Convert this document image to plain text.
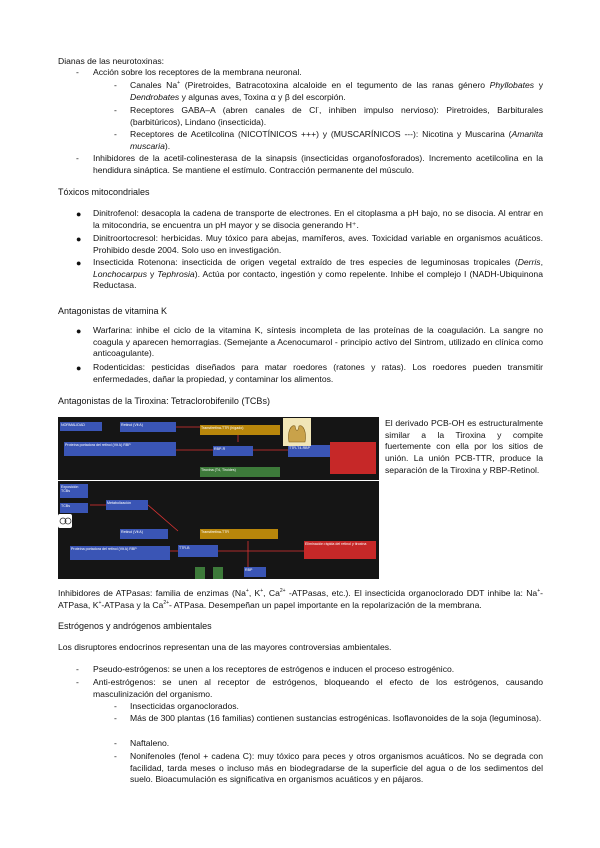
Dianas de las neurotoxinas:
-	Acción sobre los receptores de la membrana neuronal.
-	Canales Na+ (Piretroides, Batracotoxina alcaloide en el tegumento de las ranas género Phyllobates y Dendrobates y algunas aves, Toxina α y β del escorpión.
-	Receptores GABA–A (abren canales de Cl-, inhiben impulso nervioso): Piretroides, Barbiturales (barbitúricos), Lindano (insecticida).
-	Receptores de Acetilcolina (NICOTÍNICOS +++) y (MUSCARÍNICOS ---): Nicotina y Muscarina (Amanita muscaria).
-	Inhibidores de la acetil-colinesterasa de la sinapsis (insecticidas organofosforados). Incremento acetilcolina en la hendidura sináptica. Se mantiene el estímulo. Contracción permanente del músculo.
Tóxicos mitocondriales
● Dinitrofenol: desacopla la cadena de transporte de electrones. En el citoplasma a pH bajo, no se disocia. Al entrar en la mitocondria, se encuentra un pH mayor y se disocia generando H⁺.
● Dinitroortocresol: herbicidas. Muy tóxico para abejas, mamíferos, aves. Toxicidad variable en organismos acuáticos. Prohibido desde 2004. Solo uso en investigación.
● Insecticida Rotenona: insecticida de origen vegetal extraído de tres especies de leguminosas tropicales (Derris, Lonchocarpus y Tephrosia). Actúa por contacto, ingestión y como repelente. Inhibe el complejo I (NADH-Ubiquinona Reductasa.
Antagonistas de vitamina K
● Warfarina: inhibe el ciclo de la vitamina K, síntesis incompleta de las proteínas de la coagulación. La sangre no coagula y aparecen hemorragias. (Semejante a Acenocumarol - principio activo del Sintrom, utilizado en clínica como anticoagulante).
● Rodenticidas: pesticidas diseñados para matar roedores (ratones y ratas). Los roedores pueden transmitir enfermedades, dañar la propiedad, y contaminar los alimentos.
Antagonistas de la Tiroxina: Tetraclorobifenilo (TCBs)
NORMALIDAD	Retinol (Vit A)
Transtiretina-TTR (hígado)
Proteína portadora del retinol (Vit A) RBP
RBP-R	TTR-T4-RBP
Tiroxina (T4, Tiroides)
Exposición TCBs
TCBs
Metabolización
Retinol (Vit A)
Proteína portadora del retinol (Vit A) RBP	TTR-B
Transtiretina-TTR
Eliminación rápida del retinol y tiroxina
RBP
El derivado PCB-OH es estructuralmente similar a la Tiroxina y compite fuertemente con ella por los sitios de unión. La unión PCB-TTR, produce la separación de la Tiroxina y RBP-Retinol.
Inhibidores de ATPasas: familia de enzimas (Na+, K+, $Ca^{2+}$ -ATPasas, etc.). El insecticida organoclorado DDT inhibe la: Na+-ATPasa, K+-ATPasa y la $Ca^{2+}-$ ATPasa. Desempeñan un papel importante en la repolarización de la membrana.
Estrógenos y andrógenos ambientales
Los disruptores endocrinos representan una de las mayores controversias ambientales.
-	Pseudo-estrógenos: se unen a los receptores de estrógenos e inducen el proceso estrogénico.
-	Anti-estrógenos: se unen al receptor de estrógenos, bloqueando el efecto de los estrógenos, causando masculinización del organismo.
-	Insecticidas organoclorados.
-	Más de 300 plantas (16 familias) contienen sustancias estrogénicas. Isoflavonoides de la soja (leguminosa).
-	Naftaleno.
-	Nonifenoles (fenol + cadena C): muy tóxico para peces y otros organismos acuáticos. No se degrada con facilidad, tarda meses o incluso más en biodegradarse de la superficie del agua o de los sedimentos del suelo. Bioacumulación es significativa en organismos acuáticos y en pájaros.
